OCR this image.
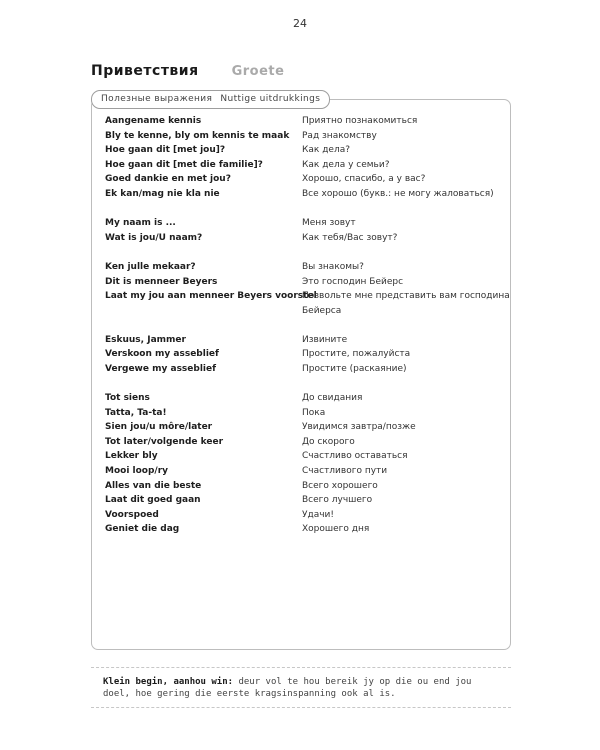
24
Приветствия	Groete
Полезные выражения Nuttige uitdrukkings
Aangename kennis	Приятно познакомиться
Bly te kenne, bly om kennis te maak Рад знакомству
Hoe gaan dit [met jou]?	Как дела?
Hoe gaan dit [met die familie]?	Как дела у семьи?
Goed dankie en met jou?	Хорошо, спасибо, а у вас?
Ek kan/mag nie kla nie	Все хорошо (букв.: не могу жаловаться)
My naam is ...	Меня зовут
Wat is jou/U naam?	Как тебя/Вас зовут?
Ken julle mekaar?	Вы знакомы?
Dit is menneer Beyers	Это господин Бейерс
Laat my jou aan menneer Beyers voorstel
Позвольте мне представить вам господина Бейерса
Eskuus, Jammer	Извините
Verskoon my asseblief	Простите, пожалуйста
Vergewe my asseblief	Простите (раскаяние)
Tot siens	До свидания
Tatta, Ta-ta!	Пока
Sien jou/u môre/later	Увидимся завтра/позже
Tot later/volgende keer	До скорого
Lekker bly	Счастливо оставаться
Mooi loop/ry	Счастливого пути
Alles van die beste	Всего хорошего
Laat dit goed gaan	Всего лучшего
Voorspoed	Удачи!
Geniet die dag	Хорошего дня
Klein begin, aanhou win: deur vol te hou bereik jy op die ou end jou doel, hoe gering die eerste kragsinspanning ook al is.
